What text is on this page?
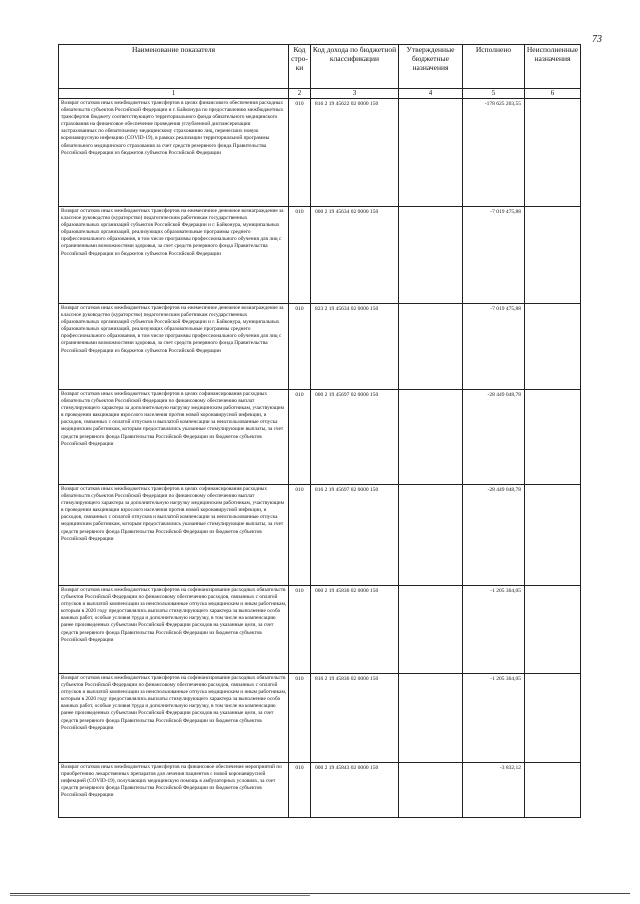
73
Наименование показателя	Код стро-ки	Код дохода по бюджетной классификации	Утвержденные бюджетные назначения	Исполнено	Неисполненные назначения
1	2	3	4	5	6
Возврат остатков иных межбюджетных трансфертов в целях финансового обеспечения расходных обязательств субъектов Российской Федерации и г. Байконура по предоставлению межбюджетных трансфертов бюджету соответствующего территориального фонда обязательного медицинского страхования на финансовое обеспечение проведения углубленной диспансеризации застрахованных по обязательному медицинскому страхованию лиц, перенесших новую коронавирусную инфекцию (COVID-19), в рамках реализации территориальной программы обязательного медицинского страхования за счет средств резервного фонда Правительства Российской Федерации из бюджетов субъектов Российской Федерации	010	816 2 19 45622 02 0000 150		-178 625 203,55	
Возврат остатков иных межбюджетных трансфертов на ежемесячное денежное вознаграждение за классное руководство (кураторство) педагогическим работникам государственных образовательных организаций субъектов Российской Федерации и г. Байконура, муниципальных образовательных организаций, реализующих образовательные программы среднего профессионального образования, в том числе программы профессионального обучения для лиц с ограниченными возможностями здоровья, за счет средств резервного фонда Правительства Российской Федерации из бюджетов субъектов Российской Федерации	010	000 2 19 45634 02 0000 150		-7 019 475,88	
Возврат остатков иных межбюджетных трансфертов на ежемесячное денежное вознаграждение за классное руководство (кураторство) педагогическим работникам государственных образовательных организаций субъектов Российской Федерации и г. Байконура, муниципальных образовательных организаций, реализующих образовательные программы среднего профессионального образования, в том числе программы профессионального обучения для лиц с ограниченными возможностями здоровья, за счет средств резервного фонда Правительства Российской Федерации из бюджетов субъектов Российской Федерации	010	823 2 19 45634 02 0000 150		-7 019 475,88	
Возврат остатков иных межбюджетных трансфертов в целях софинансирования расходных обязательств субъектов Российской Федерации по финансовому обеспечению выплат стимулирующего характера за дополнительную нагрузку медицинским работникам, участвующим в проведении вакцинации взрослого населения против новой коронавирусной инфекции, и расходов, связанных с оплатой отпусков и выплатой компенсации за неиспользованные отпуска медицинским работникам, которым предоставлялись указанные стимулирующие выплаты, за счет средств резервного фонда Правительства Российской Федерации из бюджетов субъектов Российской Федерации	010	000 2 19 45697 02 0000 150		-28 449 048,78	
Возврат остатков иных межбюджетных трансфертов в целях софинансирования расходных обязательств субъектов Российской Федерации по финансовому обеспечению выплат стимулирующего характера за дополнительную нагрузку медицинским работникам, участвующим в проведении вакцинации взрослого населения против новой коронавирусной инфекции, и расходов, связанных с оплатой отпусков и выплатой компенсации за неиспользованные отпуска медицинским работникам, которым предоставлялись указанные стимулирующие выплаты, за счет средств резервного фонда Правительства Российской Федерации из бюджетов субъектов Российской Федерации	010	816 2 19 45697 02 0000 150		-28 449 048,78	
Возврат остатков иных межбюджетных трансфертов на софинансирование расходных обязательств субъектов Российской Федерации по финансовому обеспечению расходов, связанных с оплатой отпусков и выплатой компенсации за неиспользованные отпуска медицинским и иным работникам, которым в 2020 году предоставлялись выплаты стимулирующего характера за выполнение особо важных работ, особые условия труда и дополнительную нагрузку, в том числе на компенсацию ранее произведенных субъектами Российской Федерации расходов на указанные цели, за счет средств резервного фонда Правительства Российской Федерации из бюджетов субъектов Российской Федерации	010	000 2 19 45836 02 0000 150		-1 205 364,05	
Возврат остатков иных межбюджетных трансфертов на софинансирование расходных обязательств субъектов Российской Федерации по финансовому обеспечению расходов, связанных с оплатой отпусков и выплатой компенсации за неиспользованные отпуска медицинским и иным работникам, которым в 2020 году предоставлялись выплаты стимулирующего характера за выполнение особо важных работ, особые условия труда и дополнительную нагрузку, в том числе на компенсацию ранее произведенных субъектами Российской Федерации расходов на указанные цели, за счет средств резервного фонда Правительства Российской Федерации из бюджетов субъектов Российской Федерации	010	816 2 19 45836 02 0000 150		-1 205 364,05	
Возврат остатков иных межбюджетных трансфертов на финансовое обеспечение мероприятий по приобретению лекарственных препаратов для лечения пациентов с новой коронавирусной инфекцией (COVID-19), получающих медицинскую помощь в амбулаторных условиях, за счет средств резервного фонда Правительства Российской Федерации из бюджетов субъектов Российской Федерации	010	000 2 19 45843 02 0000 150		-3 832,12	
